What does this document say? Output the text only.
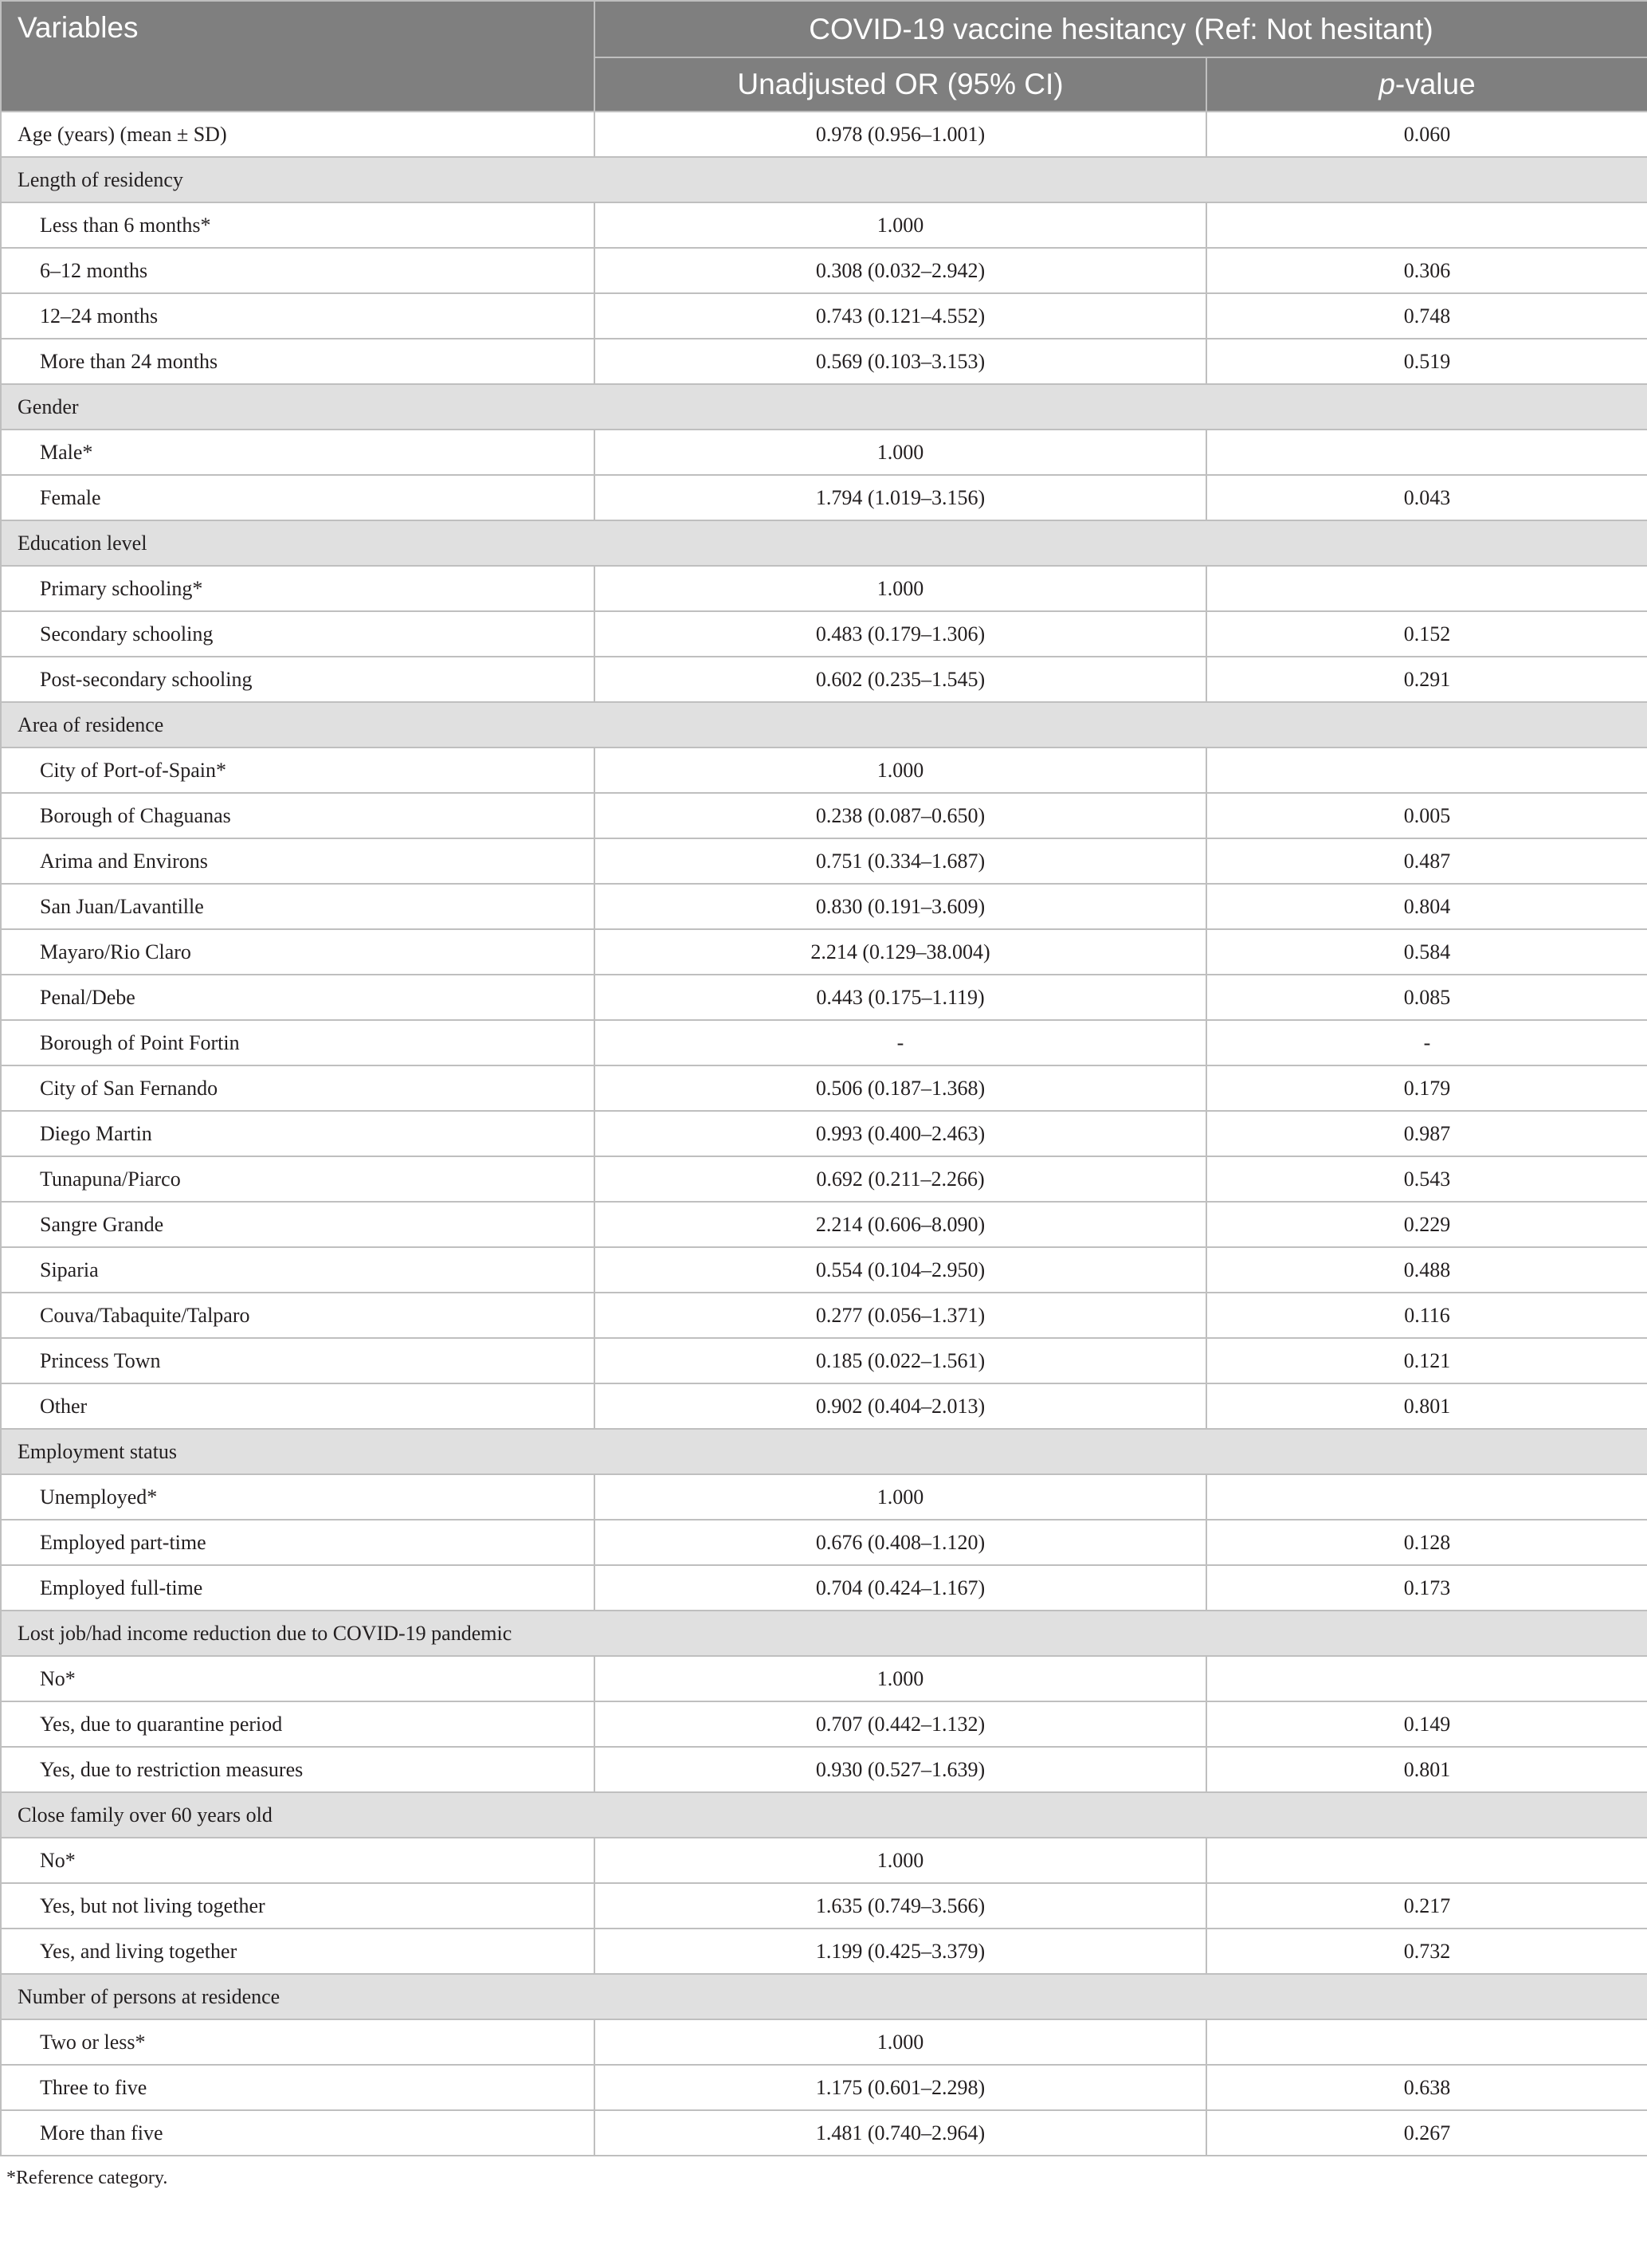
Variables	COVID-19 vaccine hesitancy (Ref: Not hesitant)	
	Unadjusted OR (95% CI)	p-value
Age (years) (mean ± SD)	0.978 (0.956–1.001)	0.060
Length of residency		
Less than 6 months*	1.000	
6–12 months	0.308 (0.032–2.942)	0.306
12–24 months	0.743 (0.121–4.552)	0.748
More than 24 months	0.569 (0.103–3.153)	0.519
Gender		
Male*	1.000	
Female	1.794 (1.019–3.156)	0.043
Education level		
Primary schooling*	1.000	
Secondary schooling	0.483 (0.179–1.306)	0.152
Post-secondary schooling	0.602 (0.235–1.545)	0.291
Area of residence		
City of Port-of-Spain*	1.000	
Borough of Chaguanas	0.238 (0.087–0.650)	0.005
Arima and Environs	0.751 (0.334–1.687)	0.487
San Juan/Lavantille	0.830 (0.191–3.609)	0.804
Mayaro/Rio Claro	2.214 (0.129–38.004)	0.584
Penal/Debe	0.443 (0.175–1.119)	0.085
Borough of Point Fortin	-	-
City of San Fernando	0.506 (0.187–1.368)	0.179
Diego Martin	0.993 (0.400–2.463)	0.987
Tunapuna/Piarco	0.692 (0.211–2.266)	0.543
Sangre Grande	2.214 (0.606–8.090)	0.229
Siparia	0.554 (0.104–2.950)	0.488
Couva/Tabaquite/Talparo	0.277 (0.056–1.371)	0.116
Princess Town	0.185 (0.022–1.561)	0.121
Other	0.902 (0.404–2.013)	0.801
Employment status		
Unemployed*	1.000	
Employed part-time	0.676 (0.408–1.120)	0.128
Employed full-time	0.704 (0.424–1.167)	0.173
Lost job/had income reduction due to COVID-19 pandemic		
No*	1.000	
Yes, due to quarantine period	0.707 (0.442–1.132)	0.149
Yes, due to restriction measures	0.930 (0.527–1.639)	0.801
Close family over 60 years old		
No*	1.000	
Yes, but not living together	1.635 (0.749–3.566)	0.217
Yes, and living together	1.199 (0.425–3.379)	0.732
Number of persons at residence		
Two or less*	1.000	
Three to five	1.175 (0.601–2.298)	0.638
More than five	1.481 (0.740–2.964)	0.267
*Reference category.
